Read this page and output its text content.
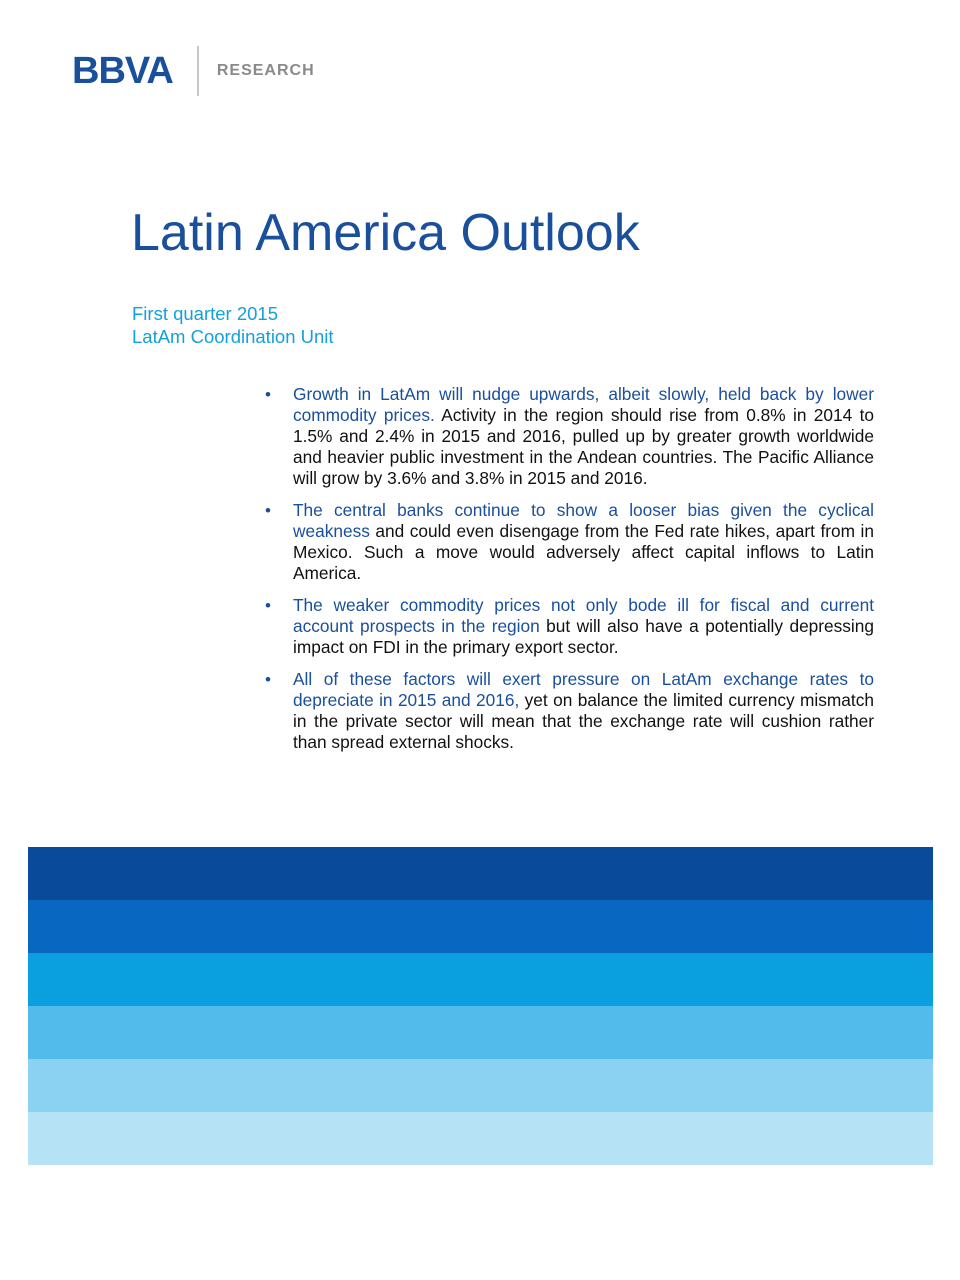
BBVA	RESEARCH
Latin America Outlook
First quarter 2015
LatAm Coordination Unit
• Growth in LatAm will nudge upwards, albeit slowly, held back by lower commodity prices. Activity in the region should rise from 0.8% in 2014 to 1.5% and 2.4% in 2015 and 2016, pulled up by greater growth worldwide and heavier public investment in the Andean countries. The Pacific Alliance will grow by 3.6% and 3.8% in 2015 and 2016.
• The central banks continue to show a looser bias given the cyclical weakness and could even disengage from the Fed rate hikes, apart from in Mexico. Such a move would adversely affect capital inflows to Latin America.
• The weaker commodity prices not only bode ill for fiscal and current account prospects in the region but will also have a potentially depressing impact on FDI in the primary export sector.
• All of these factors will exert pressure on LatAm exchange rates to depreciate in 2015 and 2016, yet on balance the limited currency mismatch in the private sector will mean that the exchange rate will cushion rather than spread external shocks.
